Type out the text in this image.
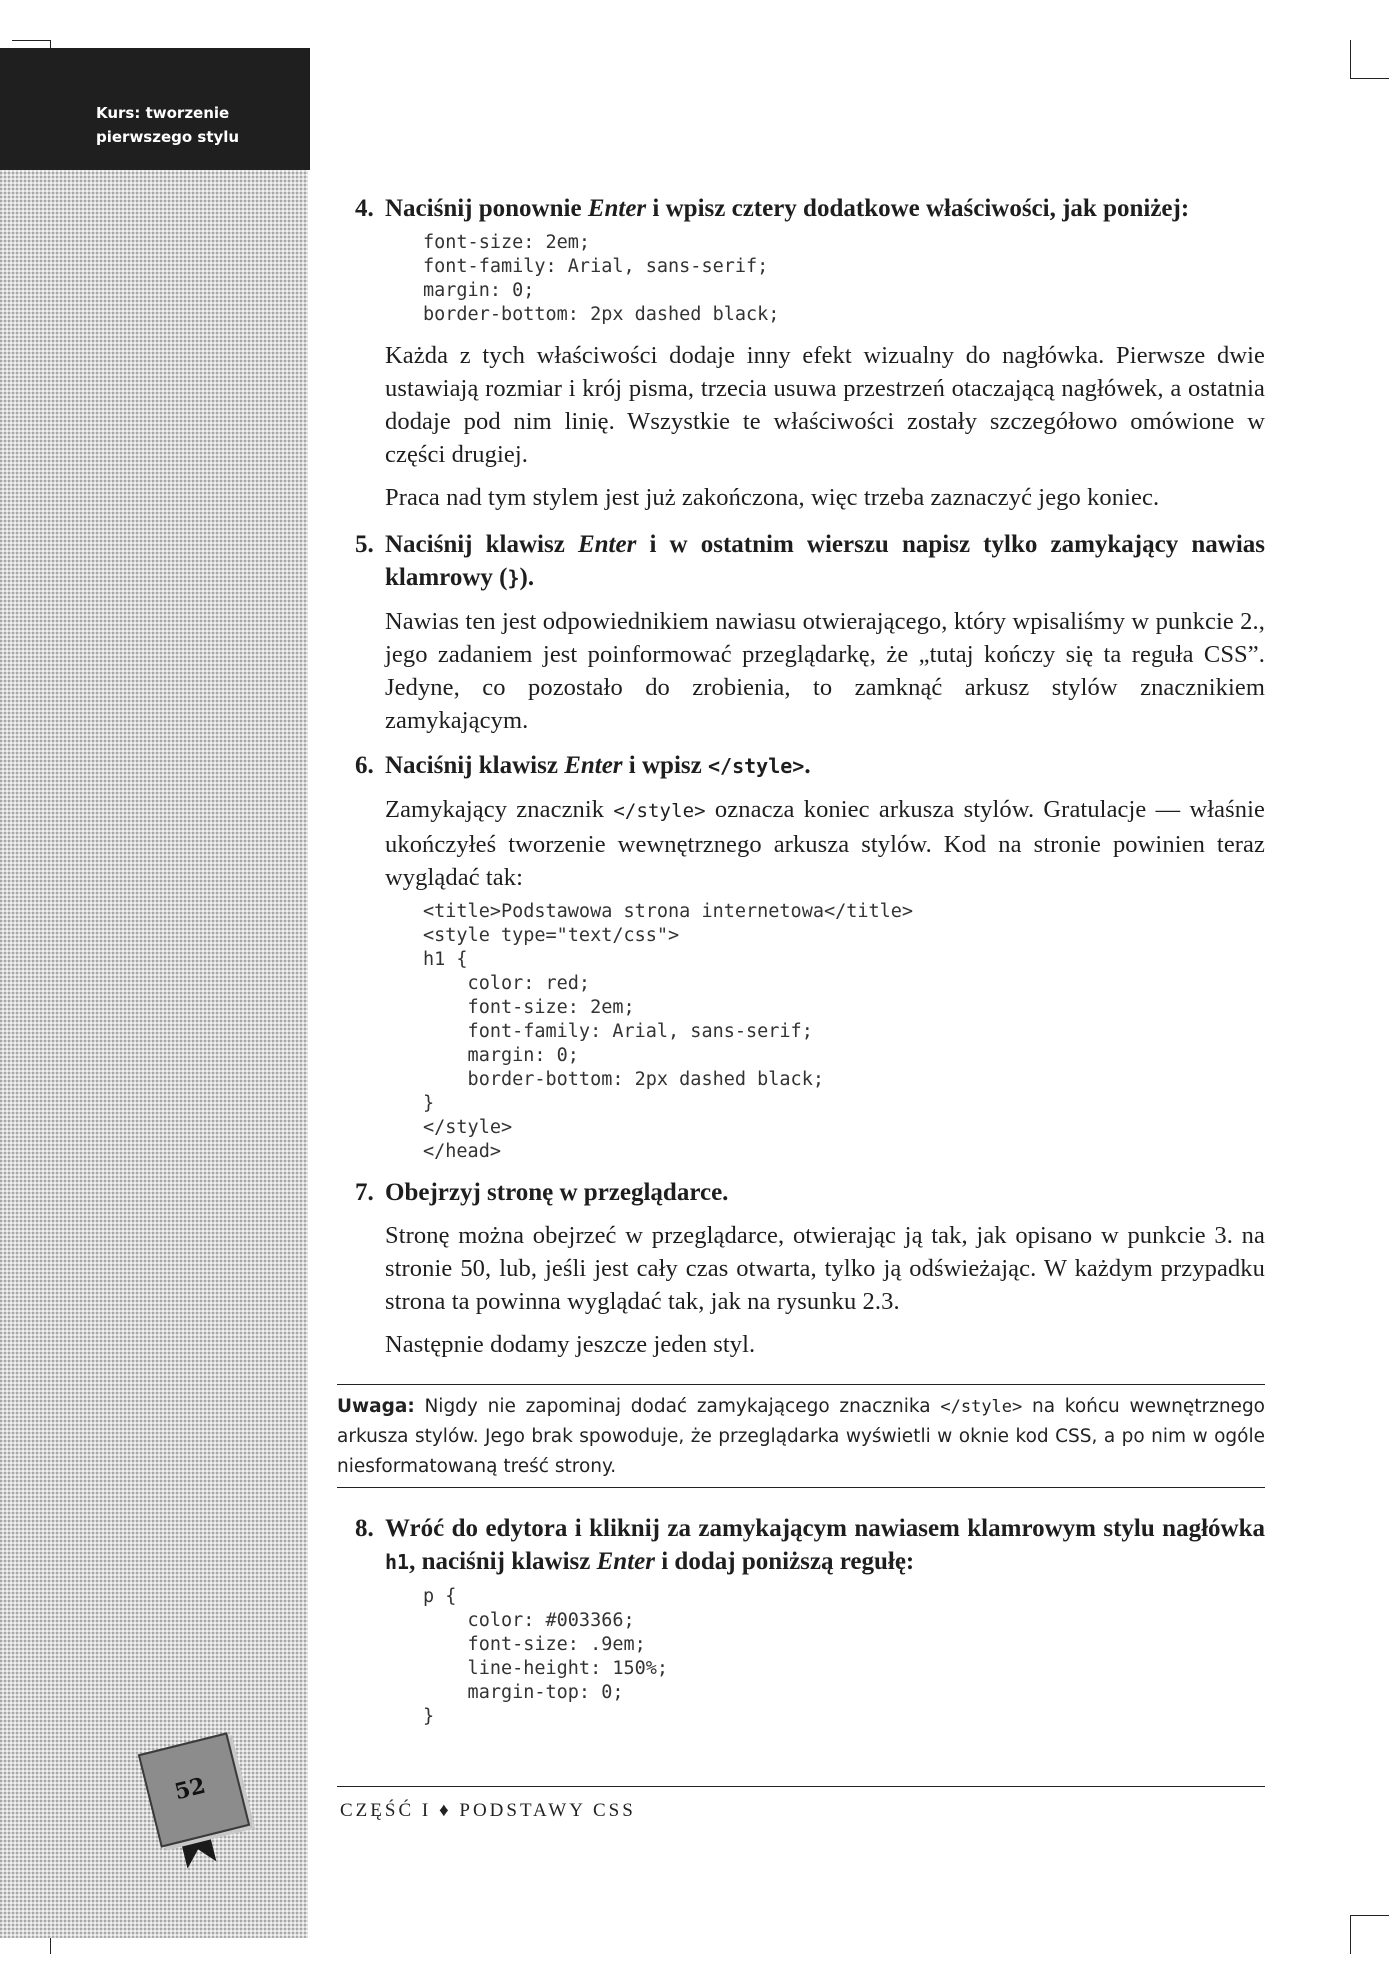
Kurs: tworzenie
pierwszego stylu
52
4. Naciśnij ponownie Enter i wpisz cztery dodatkowe właściwości, jak poniżej:

font-size: 2em;
font-family: Arial, sans-serif;
margin: 0;
border-bottom: 2px dashed black;

Każda z tych właściwości dodaje inny efekt wizualny do nagłówka. Pierwsze dwie ustawiają rozmiar i krój pisma, trzecia usuwa przestrzeń otaczającą nagłówek, a ostatnia dodaje pod nim linię. Wszystkie te właściwości zostały szczegółowo omówione w części drugiej.

Praca nad tym stylem jest już zakończona, więc trzeba zaznaczyć jego koniec.

5. Naciśnij klawisz Enter i w ostatnim wierszu napisz tylko zamykający nawias klamrowy (}).

Nawias ten jest odpowiednikiem nawiasu otwierającego, który wpisaliśmy w punkcie 2., jego zadaniem jest poinformować przeglądarkę, że „tutaj kończy się ta reguła CSS”. Jedyne, co pozostało do zrobienia, to zamknąć arkusz stylów znacznikiem zamykającym.

6. Naciśnij klawisz Enter i wpisz </style>.

Zamykający znacznik </style> oznacza koniec arkusza stylów. Gratulacje — właśnie ukończyłeś tworzenie wewnętrznego arkusza stylów. Kod na stronie powinien teraz wyglądać tak:

<title>Podstawowa strona internetowa</title>
<style type="text/css">
h1 {
color: red;
font-size: 2em;
font-family: Arial, sans-serif;
margin: 0;
border-bottom: 2px dashed black;
}
</style>
</head>
7. Obejrzyj stronę w przeglądarce.

Stronę można obejrzeć w przeglądarce, otwierając ją tak, jak opisano w punkcie 3. na stronie 50, lub, jeśli jest cały czas otwarta, tylko ją odświeżając. W każdym przypadku strona ta powinna wyglądać tak, jak na rysunku 2.3.

Następnie dodamy jeszcze jeden styl.

Uwaga: Nigdy nie zapominaj dodać zamykającego znacznika </style> na końcu wewnętrznego arkusza stylów. Jego brak spowoduje, że przeglądarka wyświetli w oknie kod CSS, a po nim w ogóle niesformatowaną treść strony.
8. Wróć do edytora i kliknij za zamykającym nawiasem klamrowym stylu nagłówka h1, naciśnij klawisz Enter i dodaj poniższą regułę:

p {
color: #003366;
font-size: .9em;
line-height: 150%;
margin-top: 0;
}
CZĘŚĆ I ♦ PODSTAWY CSS
